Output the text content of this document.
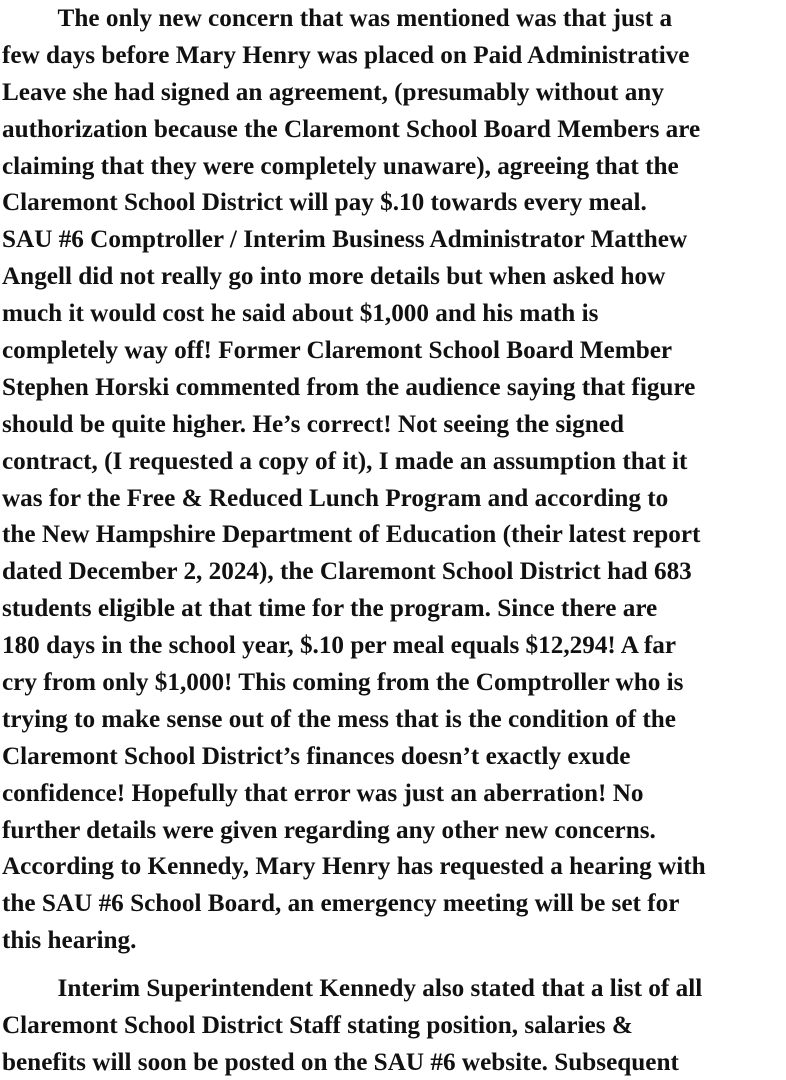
The only new concern that was mentioned was that just a
few days before Mary Henry was placed on Paid Administrative
Leave she had signed an agreement, (presumably without any
authorization because the Claremont School Board Members are
claiming that they were completely unaware), agreeing that the
Claremont School District will pay $.10 towards every meal.
SAU #6 Comptroller / Interim Business Administrator Matthew
Angell did not really go into more details but when asked how
much it would cost he said about $1,000 and his math is
completely way off! Former Claremont School Board Member
Stephen Horski commented from the audience saying that figure
should be quite higher. He’s correct! Not seeing the signed
contract, (I requested a copy of it), I made an assumption that it
was for the Free & Reduced Lunch Program and according to
the New Hampshire Department of Education (their latest report
dated December 2, 2024), the Claremont School District had 683
students eligible at that time for the program. Since there are
180 days in the school year, $.10 per meal equals $12,294! A far
cry from only $1,000! This coming from the Comptroller who is
trying to make sense out of the mess that is the condition of the
Claremont School District’s finances doesn’t exactly exude
confidence! Hopefully that error was just an aberration! No
further details were given regarding any other new concerns.
According to Kennedy, Mary Henry has requested a hearing with
the SAU #6 School Board, an emergency meeting will be set for
this hearing.
Interim Superintendent Kennedy also stated that a list of all
Claremont School District Staff stating position, salaries &
benefits will soon be posted on the SAU #6 website. Subsequent
